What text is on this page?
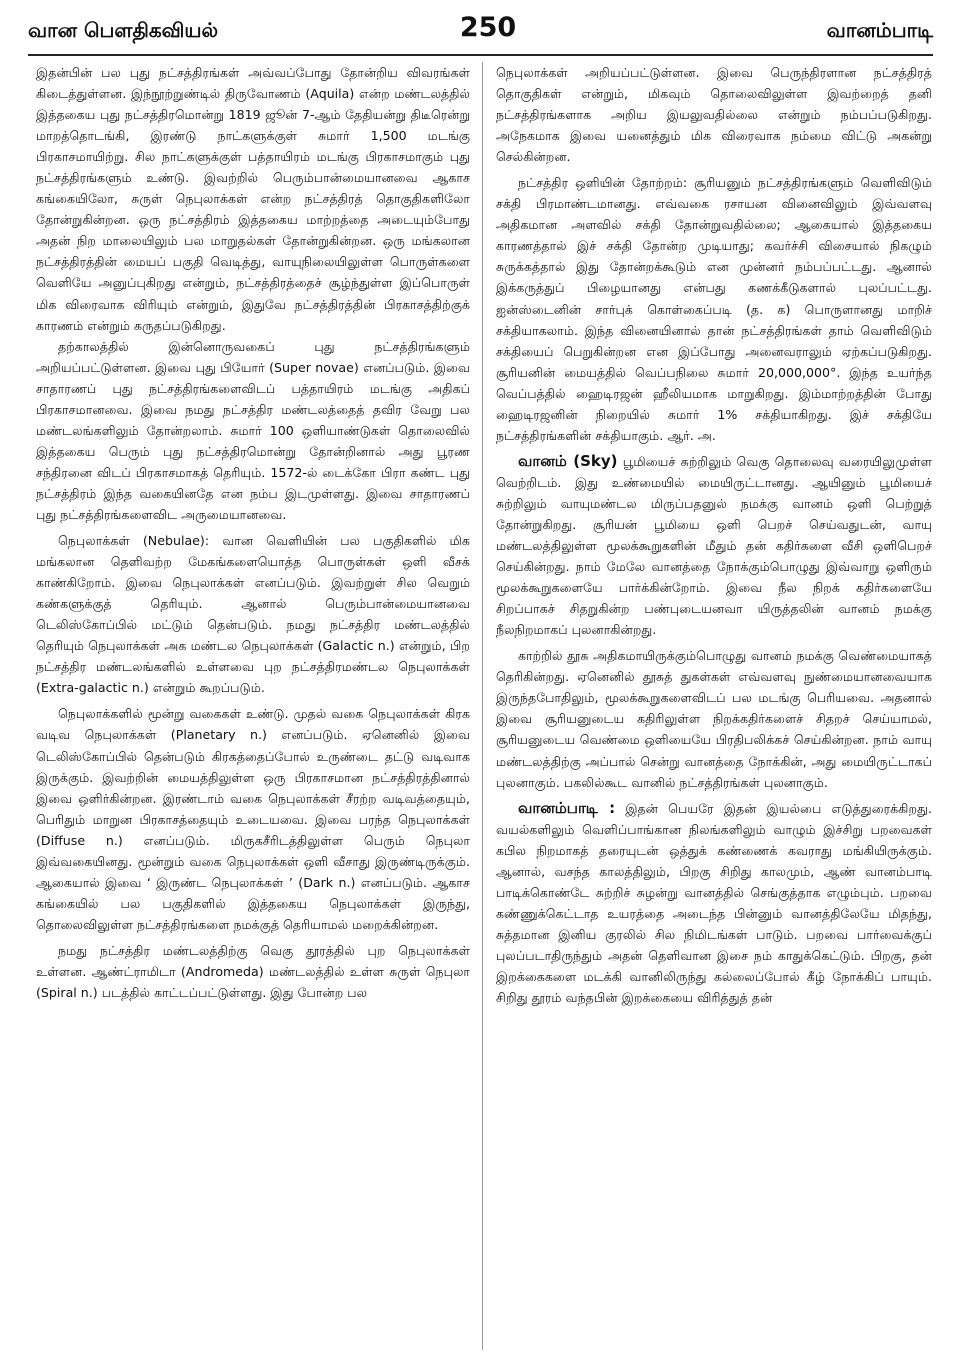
வான பௌதிகவியல்	250	வானம்பாடி

இதன்பின் பல புது நட்சத்திரங்கள் அவ்வப்போது தோன்றிய விவரங்கள் கிடைத்துள்ளன. இந்நூற்றுண்டில் திருவோணம் (Aquila) என்ற மண்டலத்தில் இத்தகைய புது நட்சத்திரமொன்று 1819 ஜூன் 7-ஆம் தேதியன்று திடீரென்று மாறத்தொடங்கி, இரண்டு நாட்களுக்குள் சுமார் 1,500 மடங்கு பிரகாசமாயிற்று. சில நாட்களுக்குள் பத்தாயிரம் மடங்கு பிரகாசமாகும் புது நட்சத்திரங்களும் உண்டு. இவற்றில் பெரும்பான்மையானவை ஆகாச கங்கையிலோ, சுருள் நெபுலாக்கள் என்ற நட்சத்திரத் தொகுதிகளிலோ தோன்றுகின்றன. ஒரு நட்சத்திரம் இத்தகைய மாற்றத்தை அடையும்போது அதன் நிற மாலையிலும் பல மாறுதல்கள் தோன்றுகின்றன. ஒரு மங்கலான நட்சத்திரத்தின் மையப் பகுதி வெடித்து, வாயுநிலையிலுள்ள பொருள்களை வெளியே அனுப்புகிறது என்றும், நட்சத்திரத்தைச் சூழ்ந்துள்ள இப்பொருள் மிக விரைவாக விரியும் என்றும், இதுவே நட்சத்திரத்தின் பிரகாசத்திற்குக் காரணம் என்றும் கருதப்படுகிறது.

தற்காலத்தில் இன்னொருவகைப் புது நட்சத்திரங்களும் அறியப்பட்டுள்ளன. இவை புது பியோர் (Super novae) எனப்படும். இவை சாதாரணப் புது நட்சத்திரங்களைவிடப் பத்தாயிரம் மடங்கு அதிகப் பிரகாசமானவை. இவை நமது நட்சத்திர மண்டலத்தைத் தவிர வேறு பல மண்டலங்களிலும் தோன்றலாம். சுமார் 100 ஒளியாண்டுகள் தொலைவில் இத்தகைய பெரும் புது நட்சத்திரமொன்று தோன்றினால் அது பூரண சந்திரனை விடப் பிரகாசமாகத் தெரியும். 1572-ல் டைக்கோ பிரா கண்ட புது நட்சத்திரம் இந்த வகையினதே என நம்ப இடமுள்ளது. இவை சாதாரணப் புது நட்சத்திரங்களைவிட அருமையானவை.

நெபுலாக்கள் (Nebulae): வான வெளியின் பல பகுதிகளில் மிக மங்கலான தெளிவற்ற மேகங்களையொத்த பொருள்கள் ஒளி வீசக் காண்கிறோம். இவை நெபுலாக்கள் எனப்படும். இவற்றுள் சில வெறும் கண்களுக்குத் தெரியும். ஆனால் பெரும்பான்மையானவை டெலிஸ்கோப்பில் மட்டும் தென்படும். நமது நட்சத்திர மண்டலத்தில் தெரியும் நெபுலாக்கள் அக மண்டல நெபுலாக்கள் (Galactic n.) என்றும், பிற நட்சத்திர மண்டலங்களில் உள்ளவை புற நட்சத்திரமண்டல நெபுலாக்கள் (Extra-galactic n.) என்றும் கூறப்படும்.

நெபுலாக்களில் மூன்று வகைகள் உண்டு. முதல் வகை நெபுலாக்கள் கிரக வடிவ நெபுலாக்கள் (Planetary n.) எனப்படும். ஏனெனில் இவை டெலிஸ்கோப்பில் தென்படும் கிரகத்தைப்போல் உருண்டை தட்டு வடிவாக இருக்கும். இவற்றின் மையத்திலுள்ள ஒரு பிரகாசமான நட்சத்திரத்தினால் இவை ஒளிர்கின்றன. இரண்டாம் வகை நெபுலாக்கள் சீரற்ற வடிவத்தையும், பெரிதும் மாறுன பிரகாசத்தையும் உடையவை. இவை பரந்த நெபுலாக்கள் (Diffuse n.) எனப்படும். மிருகசீரிடத்திலுள்ள பெரும் நெபுலா இவ்வகையினது. மூன்றும் வகை நெபுலாக்கள் ஒளி வீசாது இருண்டிருக்கும். ஆகையால் இவை ‘ இருண்ட நெபுலாக்கள் ’ (Dark n.) எனப்படும். ஆகாச கங்கையில் பல பகுதிகளில் இத்தகைய நெபுலாக்கள் இருந்து, தொலைவிலுள்ள நட்சத்திரங்களை நமக்குத் தெரியாமல் மறைக்கின்றன.

நமது நட்சத்திர மண்டலத்திற்கு வெகு தூரத்தில் புற நெபுலாக்கள் உள்ளன. ஆண்ட்ராமிடா (Andromeda) மண்டலத்தில் உள்ள சுருள் நெபுலா (Spiral n.) படத்தில் காட்டப்பட்டுள்ளது. இது போன்ற பல

நெபுலாக்கள் அறியப்பட்டுள்ளன. இவை பெருந்திரளான நட்சத்திரத் தொகுதிகள் என்றும், மிகவும் தொலைவிலுள்ள இவற்றைத் தனி நட்சத்திரங்களாக அறிய இயலுவதில்லை என்றும் நம்பப்படுகிறது. அநேகமாக இவை யனைத்தும் மிக விரைவாக நம்மை விட்டு அகன்று செல்கின்றன.

நட்சத்திர ஒளியின் தோற்றம்: சூரியனும் நட்சத்திரங்களும் வெளிவிடும் சக்தி பிரமாண்டமானது. எவ்வகை ரசாயன வினைவிலும் இவ்வளவு அதிகமான அளவில் சக்தி தோன்றுவதில்லை; ஆகையால் இத்தகைய காரணத்தால் இச் சக்தி தோன்ற முடியாது; கவர்ச்சி விசையால் நிகழும் சுருக்கத்தால் இது தோன்றக்கூடும் என முன்னர் நம்பப்பட்டது. ஆனால் இக்கருத்துப் பிழையானது என்பது கணக்கீடுகளால் புலப்பட்டது. ஐன்ஸ்டைனின் சார்புக் கொள்கைப்படி (த. க) பொருளானது மாறிச் சக்தியாகலாம். இந்த வினையினால் தான் நட்சத்திரங்கள் தாம் வெளிவிடும் சக்தியைப் பெறுகின்றன என இப்போது அனைவராலும் ஏற்கப்படுகிறது. சூரியனின் மையத்தில் வெப்பநிலை சுமார் 20,000,000°. இந்த உயர்ந்த வெப்பத்தில் ஹைடிரஜன் ஹீலியமாக மாறுகிறது. இம்மாற்றத்தின் போது ஹைடிரஜனின் நிறையில் சுமார் 1% சக்தியாகிறது. இச் சக்தியே நட்சத்திரங்களின் சக்தியாகும். ஆர். அ.

வானம் (Sky) பூமியைச் சுற்றிலும் வெகு தொலைவு வரையிலுமுள்ள வெற்றிடம். இது உண்மையில் மையிருட்டானது. ஆயினும் பூமியைச் சுற்றிலும் வாயுமண்டல மிருப்பதனுல் நமக்கு வானம் ஒளி பெற்றுத் தோன்றுகிறது. சூரியன் பூமியை ஒளி பெறச் செய்வதுடன், வாயு மண்டலத்திலுள்ள மூலக்கூறுகளின் மீதும் தன் கதிர்களை வீசி ஒளிபெறச் செய்கின்றது. நாம் மேலே வானத்தை நோக்கும்பொழுது இவ்வாறு ஒளிரும் மூலக்கூறுகளையே பார்க்கின்றோம். இவை நீல நிறக் கதிர்களையே சிறப்பாகச் சிதறுகின்ற பண்புடையனவா யிருத்தலின் வானம் நமக்கு நீலநிறமாகப் புலனாகின்றது.

காற்றில் தூசு அதிகமாயிருக்கும்பொழுது வானம் நமக்கு வெண்மையாகத் தெரிகின்றது. ஏனெனில் தூசுத் துகள்கள் எவ்வளவு நுண்மையானவையாக இருந்தபோதிலும், மூலக்கூறுகளைவிடப் பல மடங்கு பெரியவை. அதனால் இவை சூரியனுடைய கதிரிலுள்ள நிறக்கதிர்களைச் சிதறச் செய்யாமல், சூரியனுடைய வெண்மை ஒளியையே பிரதிபலிக்கச் செய்கின்றன. நாம் வாயு மண்டலத்திற்கு அப்பால் சென்று வானத்தை நோக்கின், அது மையிருட்டாகப் புலனாகும். பகலில்கூட வானில் நட்சத்திரங்கள் புலனாகும்.

வானம்பாடி : இதன் பெயரே இதன் இயல்பை எடுத்துரைக்கிறது. வயல்களிலும் வெளிப்பாங்கான நிலங்களிலும் வாழும் இச்சிறு பறவைகள் கபில நிறமாகத் தரையுடன் ஒத்துக் கண்ணைக் கவராது மங்கியிருக்கும். ஆனால், வசந்த காலத்திலும், பிறகு சிறிது காலமும், ஆண் வானம்பாடி பாடிக்கொண்டே சுற்றிச் சுழன்று வானத்தில் செங்குத்தாக எழும்பும். பறவை கண்ணுக்கெட்டாத உயரத்தை அடைந்த பின்னும் வானத்திலேயே மிதந்து, சுத்தமான இனிய குரலில் சில நிமிடங்கள் பாடும். பறவை பார்வைக்குப் புலப்படாதிருந்தும் அதன் தெளிவான இசை நம் காதுக்கெட்டும். பிறகு, தன் இறக்கைகளை மடக்கி வானிலிருந்து கல்லைப்போல் கீழ் நோக்கிப் பாயும். சிறிது தூரம் வந்தபின் இறக்கையை விரித்துத் தன்
